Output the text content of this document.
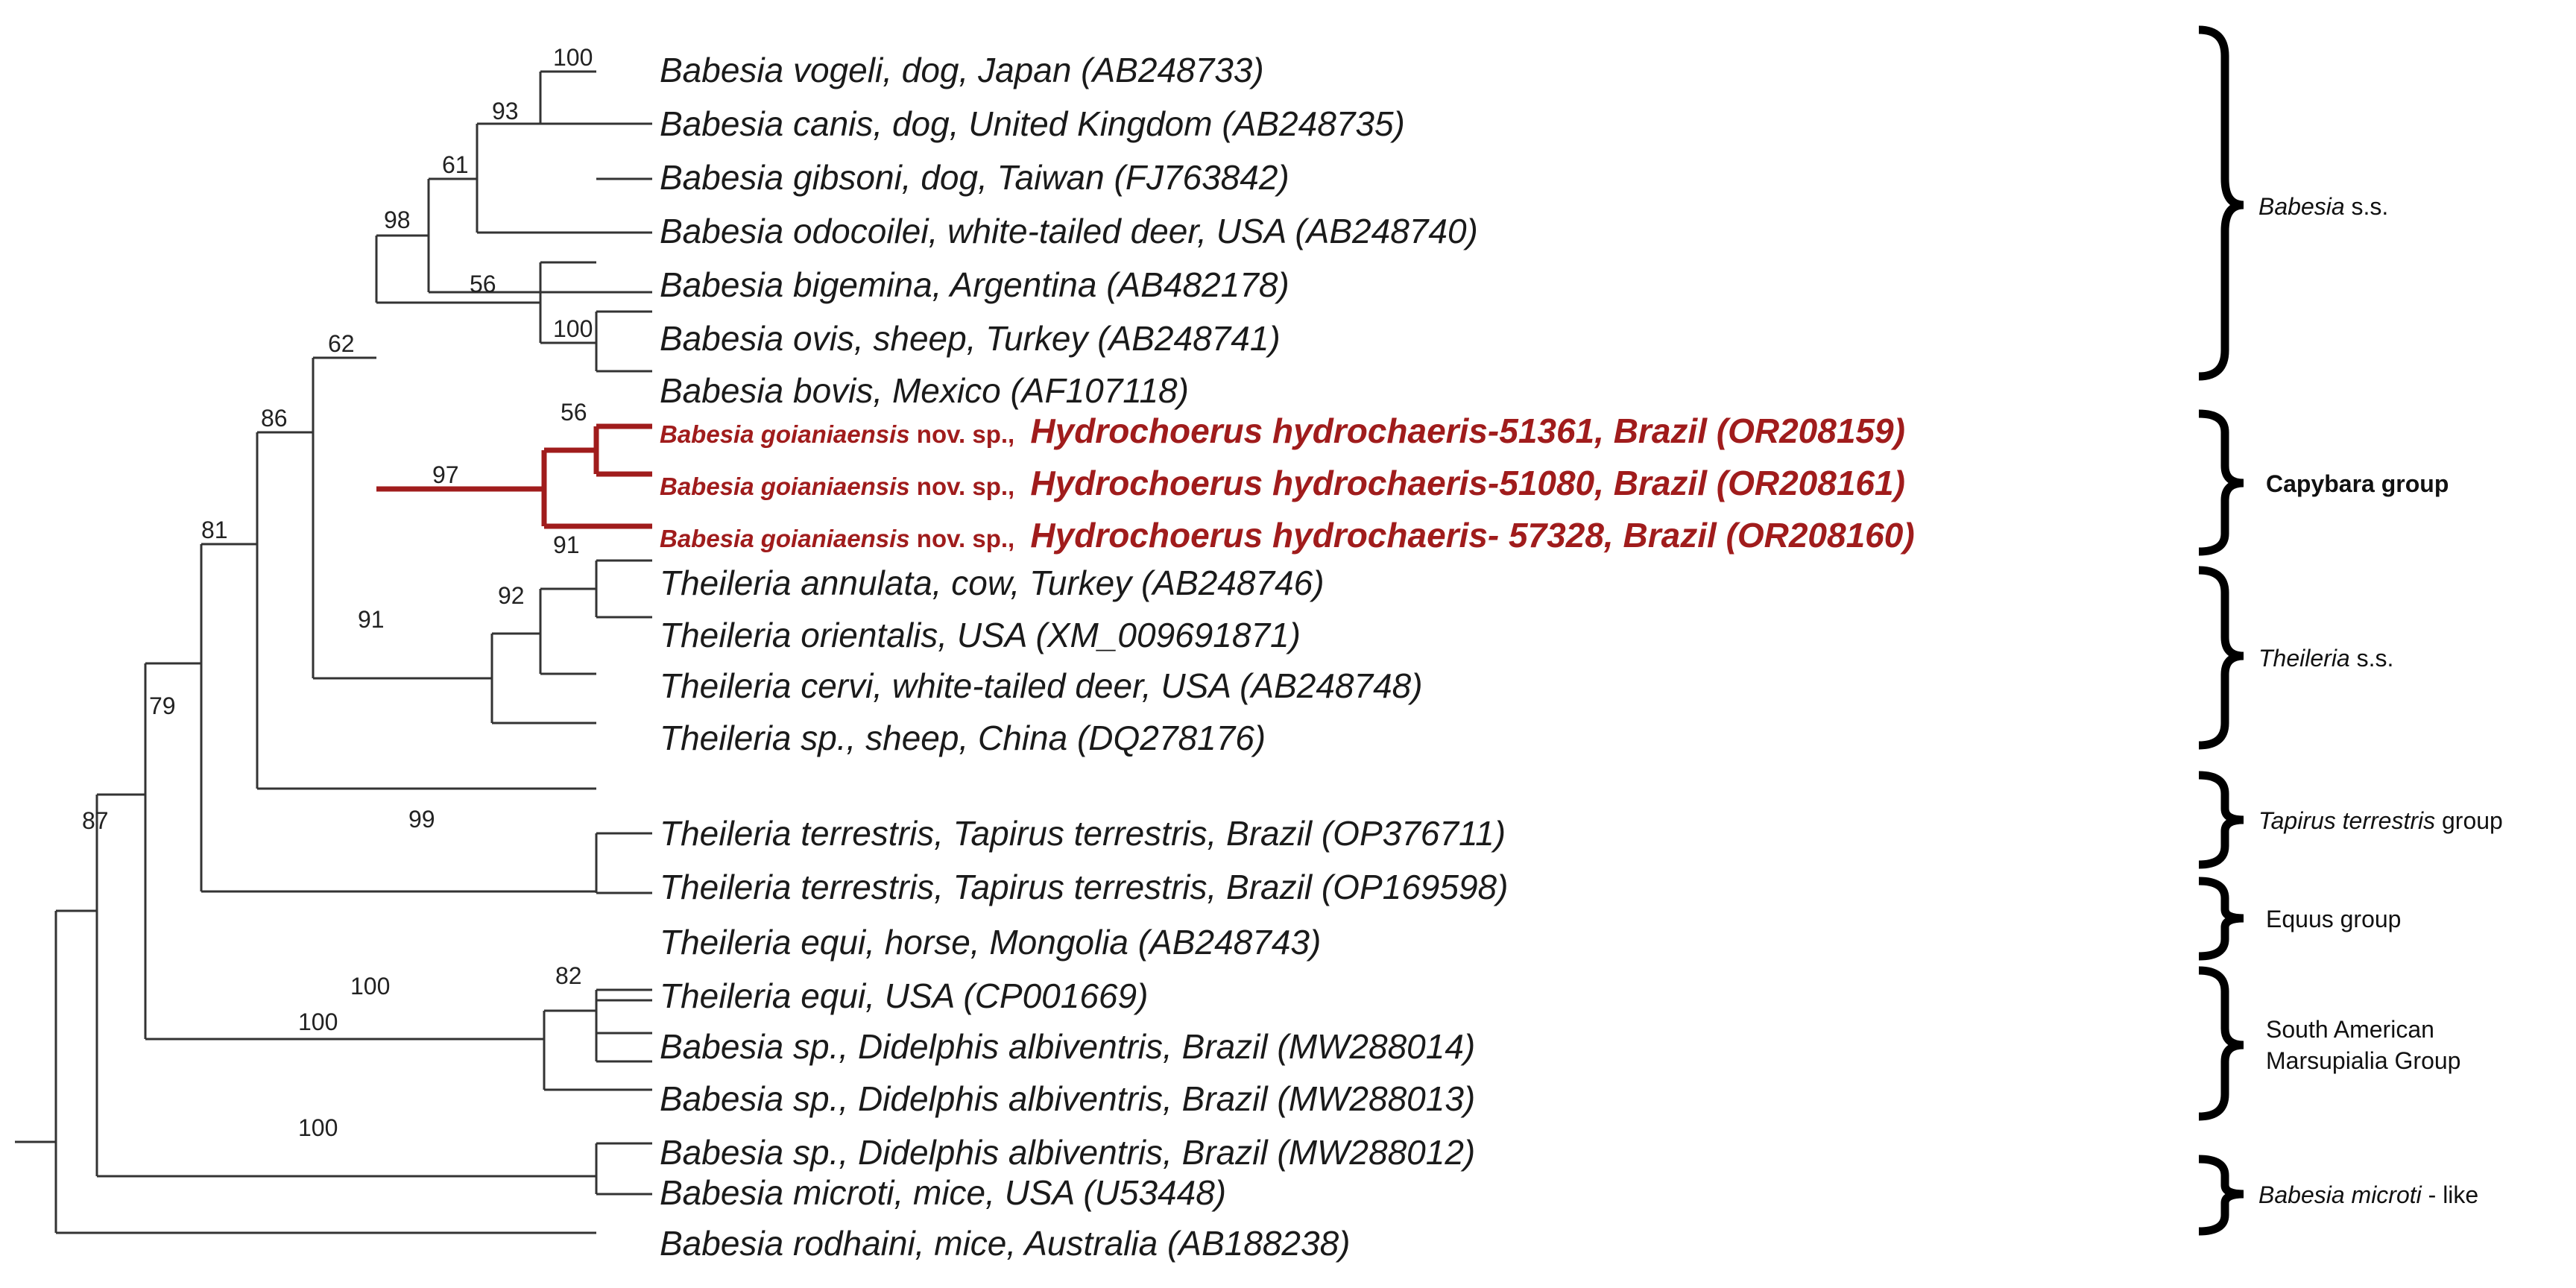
100
93
61
98
56
100
62
56
97
86
91
92
91
81
99
79
100
87
82
100
100
Babesia vogeli, dog, Japan (AB248733)
Babesia canis, dog, United Kingdom (AB248735)
Babesia gibsoni, dog, Taiwan (FJ763842)
Babesia odocoilei, white-tailed deer, USA (AB248740)
Babesia bigemina, Argentina (AB482178)
Babesia ovis, sheep, Turkey (AB248741)
Babesia bovis, Mexico (AF107118)
Babesia goianiaensis nov. sp., Hydrochoerus hydrochaeris-51361, Brazil (OR208159)
Babesia goianiaensis nov. sp., Hydrochoerus hydrochaeris-51080, Brazil (OR208161)
Babesia goianiaensis nov. sp., Hydrochoerus hydrochaeris- 57328, Brazil (OR208160)
Theileria annulata, cow, Turkey (AB248746)
Theileria orientalis, USA (XM_009691871)
Theileria cervi, white-tailed deer, USA (AB248748)
Theileria sp., sheep, China (DQ278176)
Theileria terrestris, Tapirus terrestris, Brazil (OP376711)
Theileria terrestris, Tapirus terrestris, Brazil (OP169598)
Theileria equi, horse, Mongolia (AB248743)
Theileria equi, USA (CP001669)
Babesia sp., Didelphis albiventris, Brazil (MW288014)
Babesia sp., Didelphis albiventris, Brazil (MW288013)
Babesia sp., Didelphis albiventris, Brazil (MW288012)
Babesia microti, mice, USA (U53448)
Babesia rodhaini, mice, Australia (AB188238)
Babesia s.s.
Capybara group
Theileria s.s.
Tapirus terrestris group
Equus group
South American
Marsupialia Group
Babesia microti - like
